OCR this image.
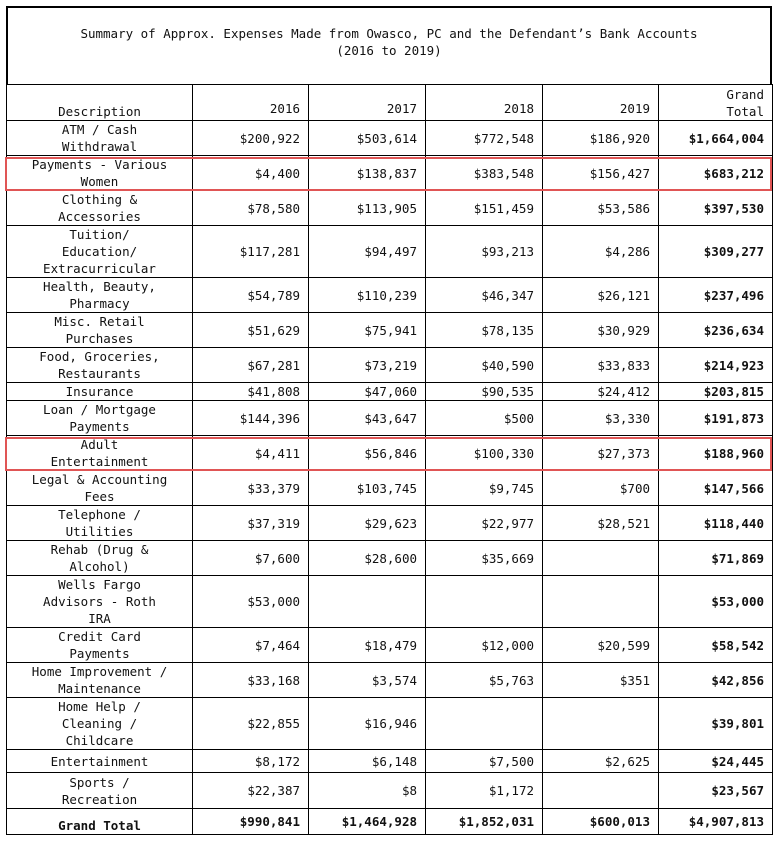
Summary of Approx. Expenses Made from Owasco, PC and the Defendant’s Bank Accounts
(2016 to 2019)
Description	2016	2017	2018	2019	Grand
Total

ATM / Cash
Withdrawal	$200,922	$503,614	$772,548	$186,920	$1,664,004

Payments - Various
Women	$4,400	$138,837	$383,548	$156,427	$683,212

Clothing &
Accessories	$78,580	$113,905	$151,459	$53,586	$397,530

Tuition/
Education/
Extracurricular	$117,281	$94,497	$93,213	$4,286	$309,277

Health, Beauty,
Pharmacy	$54,789	$110,239	$46,347	$26,121	$237,496

Misc. Retail
Purchases	$51,629	$75,941	$78,135	$30,929	$236,634

Food, Groceries,
Restaurants	$67,281	$73,219	$40,590	$33,833	$214,923

Insurance	$41,808	$47,060	$90,535	$24,412	$203,815

Loan / Mortgage
Payments	$144,396	$43,647	$500	$3,330	$191,873

Adult
Entertainment	$4,411	$56,846	$100,330	$27,373	$188,960

Legal & Accounting
Fees	$33,379	$103,745	$9,745	$700	$147,566

Telephone /
Utilities	$37,319	$29,623	$22,977	$28,521	$118,440

Rehab (Drug &
Alcohol)	$7,600	$28,600	$35,669		$71,869

Wells Fargo
Advisors - Roth
IRA	$53,000				$53,000

Credit Card
Payments	$7,464	$18,479	$12,000	$20,599	$58,542

Home Improvement /
Maintenance	$33,168	$3,574	$5,763	$351	$42,856

Home Help /
Cleaning /
Childcare	$22,855	$16,946			$39,801

Entertainment	$8,172	$6,148	$7,500	$2,625	$24,445

Sports /
Recreation	$22,387	$8	$1,172		$23,567
Grand Total	$990,841	$1,464,928	$1,852,031	$600,013	$4,907,813
